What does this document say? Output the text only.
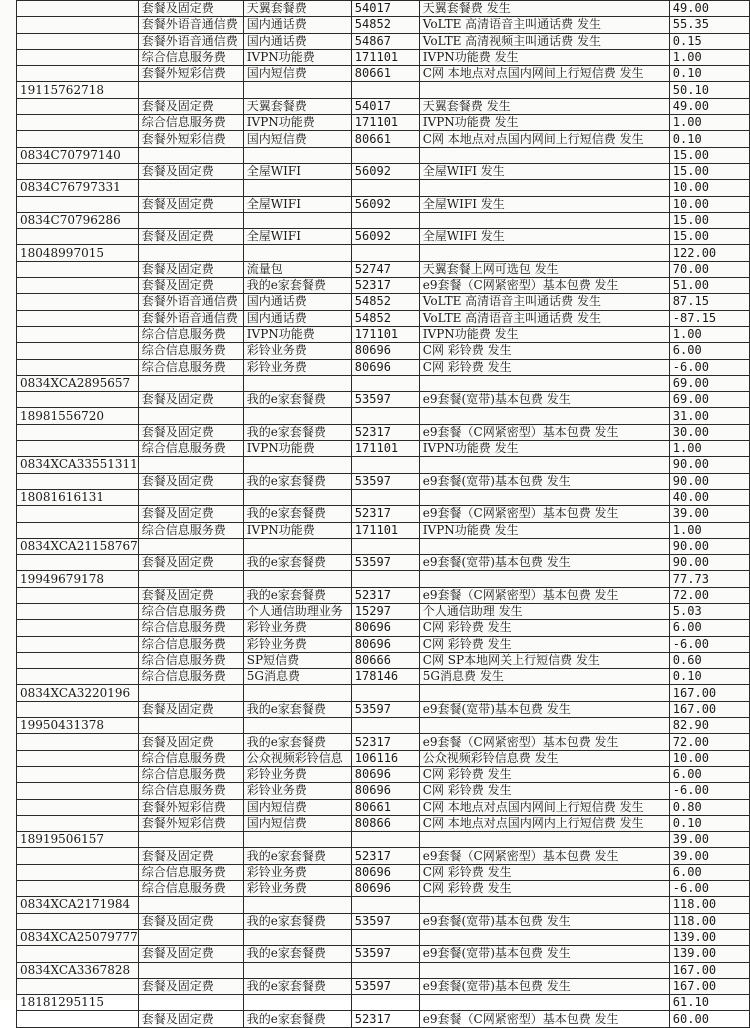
	套餐及固定费	天翼套餐费	54017	天翼套餐费 发生	49.00
	套餐外语音通信费	国内通话费	54852	VoLTE 高清语音主叫通话费 发生	55.35
	套餐外语音通信费	国内通话费	54867	VoLTE 高清视频主叫通话费 发生	0.15
	综合信息服务费	IVPN功能费	171101	IVPN功能费 发生	1.00
	套餐外短彩信费	国内短信费	80661	C网 本地点对点国内网间上行短信费 发生	0.10
19115762718					50.10
	套餐及固定费	天翼套餐费	54017	天翼套餐费 发生	49.00
	综合信息服务费	IVPN功能费	171101	IVPN功能费 发生	1.00
	套餐外短彩信费	国内短信费	80661	C网 本地点对点国内网间上行短信费 发生	0.10
0834C70797140					15.00
	套餐及固定费	全屋WIFI	56092	全屋WIFI 发生	15.00
0834C76797331					10.00
	套餐及固定费	全屋WIFI	56092	全屋WIFI 发生	10.00
0834C70796286					15.00
	套餐及固定费	全屋WIFI	56092	全屋WIFI 发生	15.00
18048997015					122.00
	套餐及固定费	流量包	52747	天翼套餐上网可选包 发生	70.00
	套餐及固定费	我的e家套餐费	52317	e9套餐（C网紧密型）基本包费 发生	51.00
	套餐外语音通信费	国内通话费	54852	VoLTE 高清语音主叫通话费 发生	87.15
	套餐外语音通信费	国内通话费	54852	VoLTE 高清语音主叫通话费 发生	-87.15
	综合信息服务费	IVPN功能费	171101	IVPN功能费 发生	1.00
	综合信息服务费	彩铃业务费	80696	C网 彩铃费 发生	6.00
	综合信息服务费	彩铃业务费	80696	C网 彩铃费 发生	-6.00
0834XCA2895657					69.00
	套餐及固定费	我的e家套餐费	53597	e9套餐(宽带)基本包费 发生	69.00
18981556720					31.00
	套餐及固定费	我的e家套餐费	52317	e9套餐（C网紧密型）基本包费 发生	30.00
	综合信息服务费	IVPN功能费	171101	IVPN功能费 发生	1.00
0834XCA33551311					90.00
	套餐及固定费	我的e家套餐费	53597	e9套餐(宽带)基本包费 发生	90.00
18081616131					40.00
	套餐及固定费	我的e家套餐费	52317	e9套餐（C网紧密型）基本包费 发生	39.00
	综合信息服务费	IVPN功能费	171101	IVPN功能费 发生	1.00
0834XCA21158767					90.00
	套餐及固定费	我的e家套餐费	53597	e9套餐(宽带)基本包费 发生	90.00
19949679178					77.73
	套餐及固定费	我的e家套餐费	52317	e9套餐（C网紧密型）基本包费 发生	72.00
	综合信息服务费	个人通信助理业务	15297	个人通信助理 发生	5.03
	综合信息服务费	彩铃业务费	80696	C网 彩铃费 发生	6.00
	综合信息服务费	彩铃业务费	80696	C网 彩铃费 发生	-6.00
	综合信息服务费	SP短信费	80666	C网 SP本地网关上行短信费 发生	0.60
	综合信息服务费	5G消息费	178146	5G消息费 发生	0.10
0834XCA3220196					167.00
	套餐及固定费	我的e家套餐费	53597	e9套餐(宽带)基本包费 发生	167.00
19950431378					82.90
	套餐及固定费	我的e家套餐费	52317	e9套餐（C网紧密型）基本包费 发生	72.00
	综合信息服务费	公众视频彩铃信息	106116	公众视频彩铃信息费 发生	10.00
	综合信息服务费	彩铃业务费	80696	C网 彩铃费 发生	6.00
	综合信息服务费	彩铃业务费	80696	C网 彩铃费 发生	-6.00
	套餐外短彩信费	国内短信费	80661	C网 本地点对点国内网间上行短信费 发生	0.80
	套餐外短彩信费	国内短信费	80866	C网 本地点对点国内网内上行短信费 发生	0.10
18919506157					39.00
	套餐及固定费	我的e家套餐费	52317	e9套餐（C网紧密型）基本包费 发生	39.00
	综合信息服务费	彩铃业务费	80696	C网 彩铃费 发生	6.00
	综合信息服务费	彩铃业务费	80696	C网 彩铃费 发生	-6.00
0834XCA2171984					118.00
	套餐及固定费	我的e家套餐费	53597	e9套餐(宽带)基本包费 发生	118.00
0834XCA25079777					139.00
	套餐及固定费	我的e家套餐费	53597	e9套餐(宽带)基本包费 发生	139.00
0834XCA3367828					167.00
	套餐及固定费	我的e家套餐费	53597	e9套餐(宽带)基本包费 发生	167.00
18181295115					61.10
	套餐及固定费	我的e家套餐费	52317	e9套餐（C网紧密型）基本包费 发生	60.00
